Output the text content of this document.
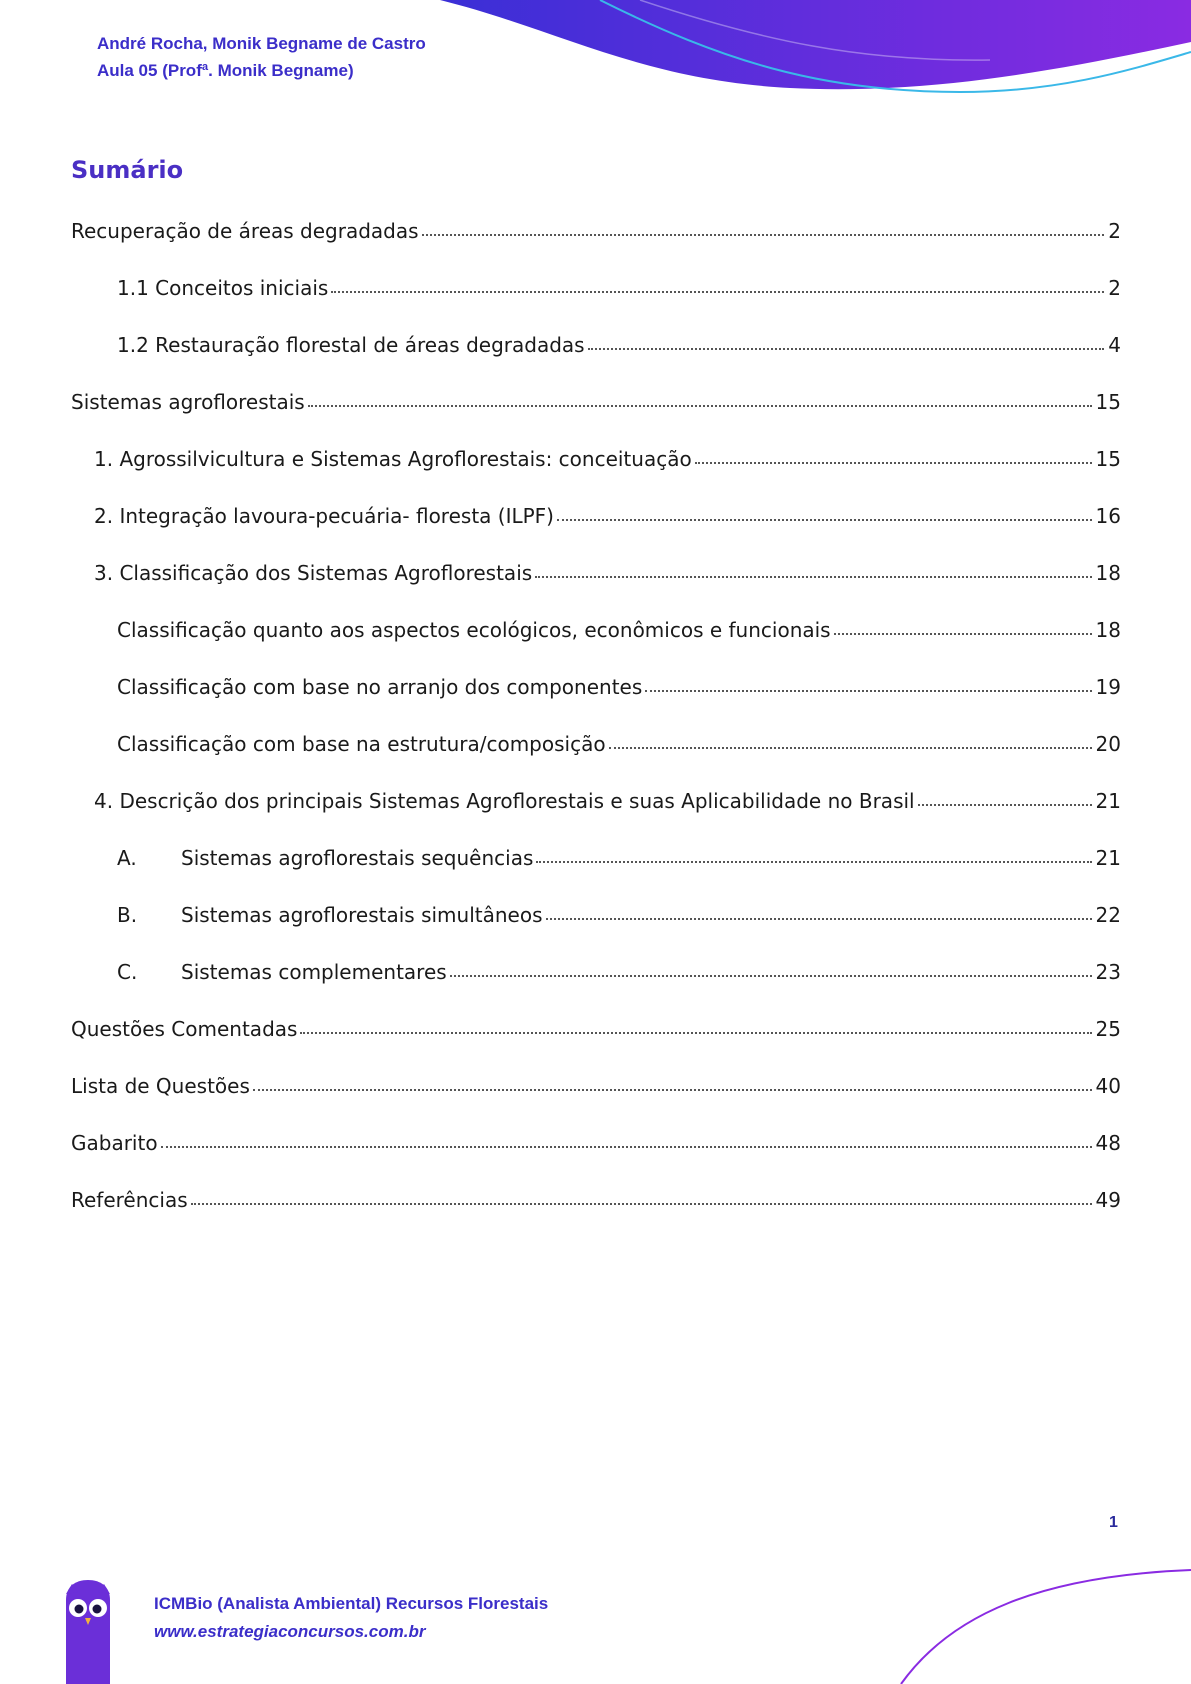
André Rocha, Monik Begname de Castro
Aula 05 (Profª. Monik Begname)
Sumário
Recuperação de áreas degradadas	2
1.1 Conceitos iniciais	2
1.2 Restauração florestal de áreas degradadas	4
Sistemas agroflorestais	15
1. Agrossilvicultura e Sistemas Agroflorestais: conceituação	15
2. Integração lavoura-pecuária- floresta (ILPF)	16
3. Classificação dos Sistemas Agroflorestais	18
Classificação quanto aos aspectos ecológicos, econômicos e funcionais	18
Classificação com base no arranjo dos componentes	19
Classificação com base na estrutura/composição	20
4. Descrição dos principais Sistemas Agroflorestais e suas Aplicabilidade no Brasil	21
A.	Sistemas agroflorestais sequências	21
B.	Sistemas agroflorestais simultâneos	22
C.	Sistemas complementares	23
Questões Comentadas	25
Lista de Questões	40
Gabarito	48
Referências	49
1
ICMBio (Analista Ambiental) Recursos Florestais
www.estrategiaconcursos.com.br
